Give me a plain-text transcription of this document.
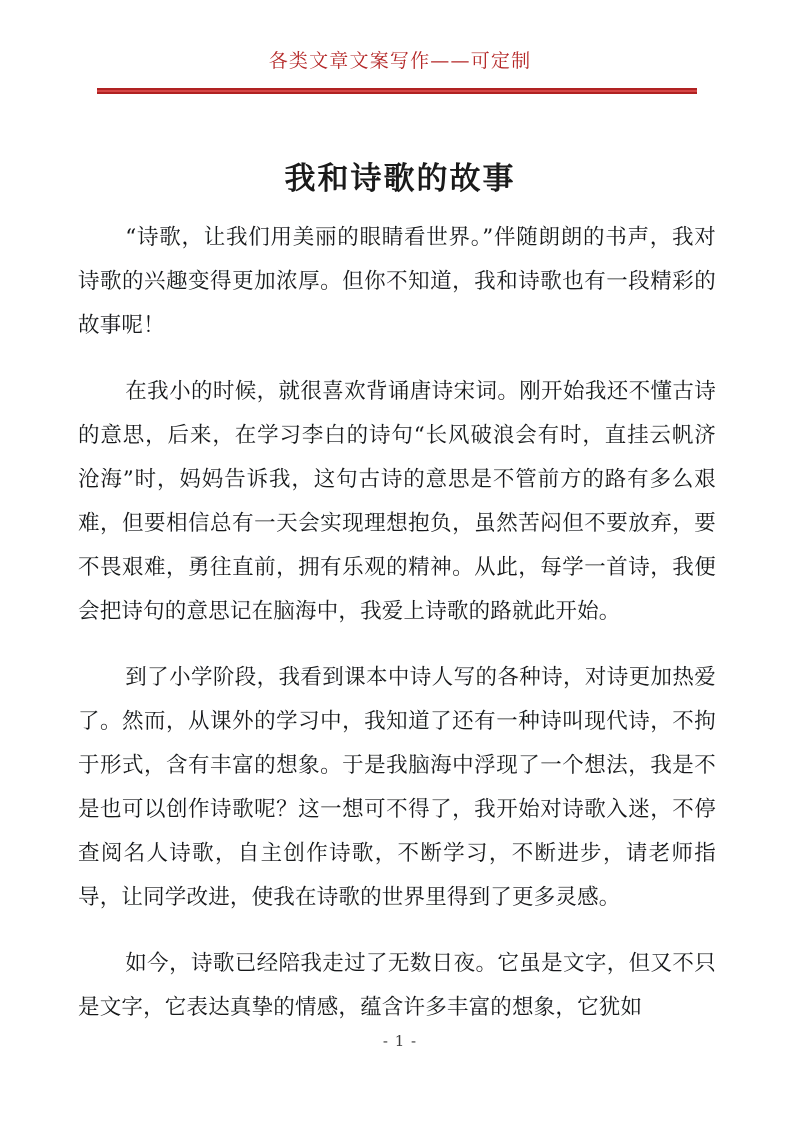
各类文章文案写作——可定制
我和诗歌的故事

“诗歌，让我们用美丽的眼睛看世界。”伴随朗朗的书声，我对诗歌的兴趣变得更加浓厚。但你不知道，我和诗歌也有一段精彩的故事呢！

在我小的时候，就很喜欢背诵唐诗宋词。刚开始我还不懂古诗的意思，后来，在学习李白的诗句“长风破浪会有时，直挂云帆济沧海”时，妈妈告诉我，这句古诗的意思是不管前方的路有多么艰难，但要相信总有一天会实现理想抱负，虽然苦闷但不要放弃，要不畏艰难，勇往直前，拥有乐观的精神。从此，每学一首诗，我便会把诗句的意思记在脑海中，我爱上诗歌的路就此开始。

到了小学阶段，我看到课本中诗人写的各种诗，对诗更加热爱了。然而，从课外的学习中，我知道了还有一种诗叫现代诗，不拘于形式，含有丰富的想象。于是我脑海中浮现了一个想法，我是不是也可以创作诗歌呢？这一想可不得了，我开始对诗歌入迷，不停查阅名人诗歌，自主创作诗歌，不断学习，不断进步，请老师指导，让同学改进，使我在诗歌的世界里得到了更多灵感。

如今，诗歌已经陪我走过了无数日夜。它虽是文字，但又不只是文字，它表达真挚的情感，蕴含许多丰富的想象，它犹如

- 1 -
